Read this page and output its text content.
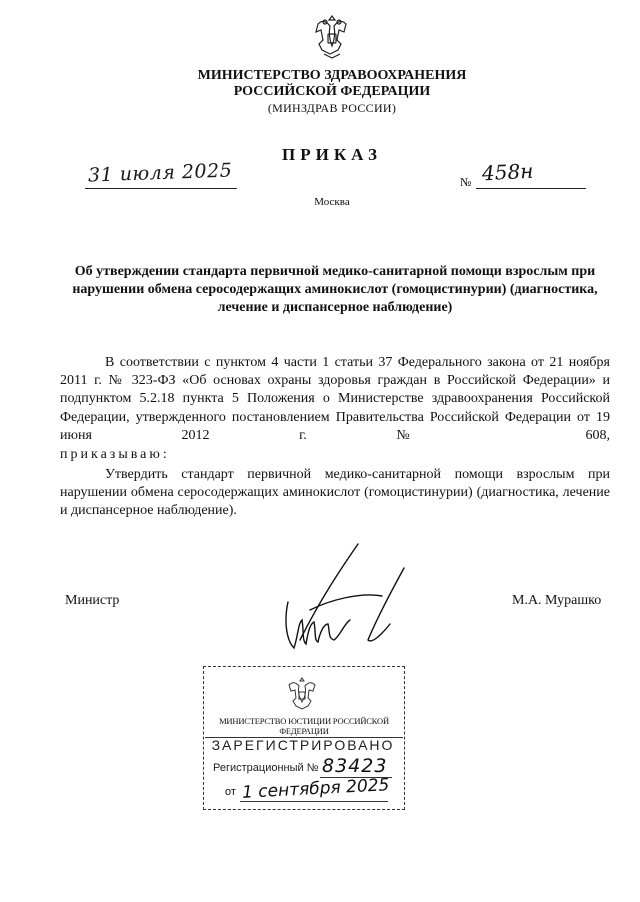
МИНИСТЕРСТВО ЗДРАВООХРАНЕНИЯ
РОССИЙСКОЙ ФЕДЕРАЦИИ
(МИНЗДРАВ РОССИИ)
ПРИКАЗ
31 июля 2025	№ 458н
Москва
Об утверждении стандарта первичной медико-санитарной помощи взрослым при нарушении обмена серосодержащих аминокислот (гомоцистинурии) (диагностика, лечение и диспансерное наблюдение)
В соответствии с пунктом 4 части 1 статьи 37 Федерального закона от 21 ноября 2011 г. № 323-ФЗ «Об основах охраны здоровья граждан в Российской Федерации» и подпунктом 5.2.18 пункта 5 Положения о Министерстве здравоохранения Российской Федерации, утвержденного постановлением Правительства Российской Федерации от 19 июня 2012 г. № 608,
приказываю:
Утвердить стандарт первичной медико-санитарной помощи взрослым при нарушении обмена серосодержащих аминокислот (гомоцистинурии) (диагностика, лечение и диспансерное наблюдение).
Министр	М.А. Мурашко
МИНИСТЕРСТВО ЮСТИЦИИ РОССИЙСКОЙ ФЕДЕРАЦИИ
ЗАРЕГИСТРИРОВАНО
Регистрационный № 83423
от 1 сентября 2025
